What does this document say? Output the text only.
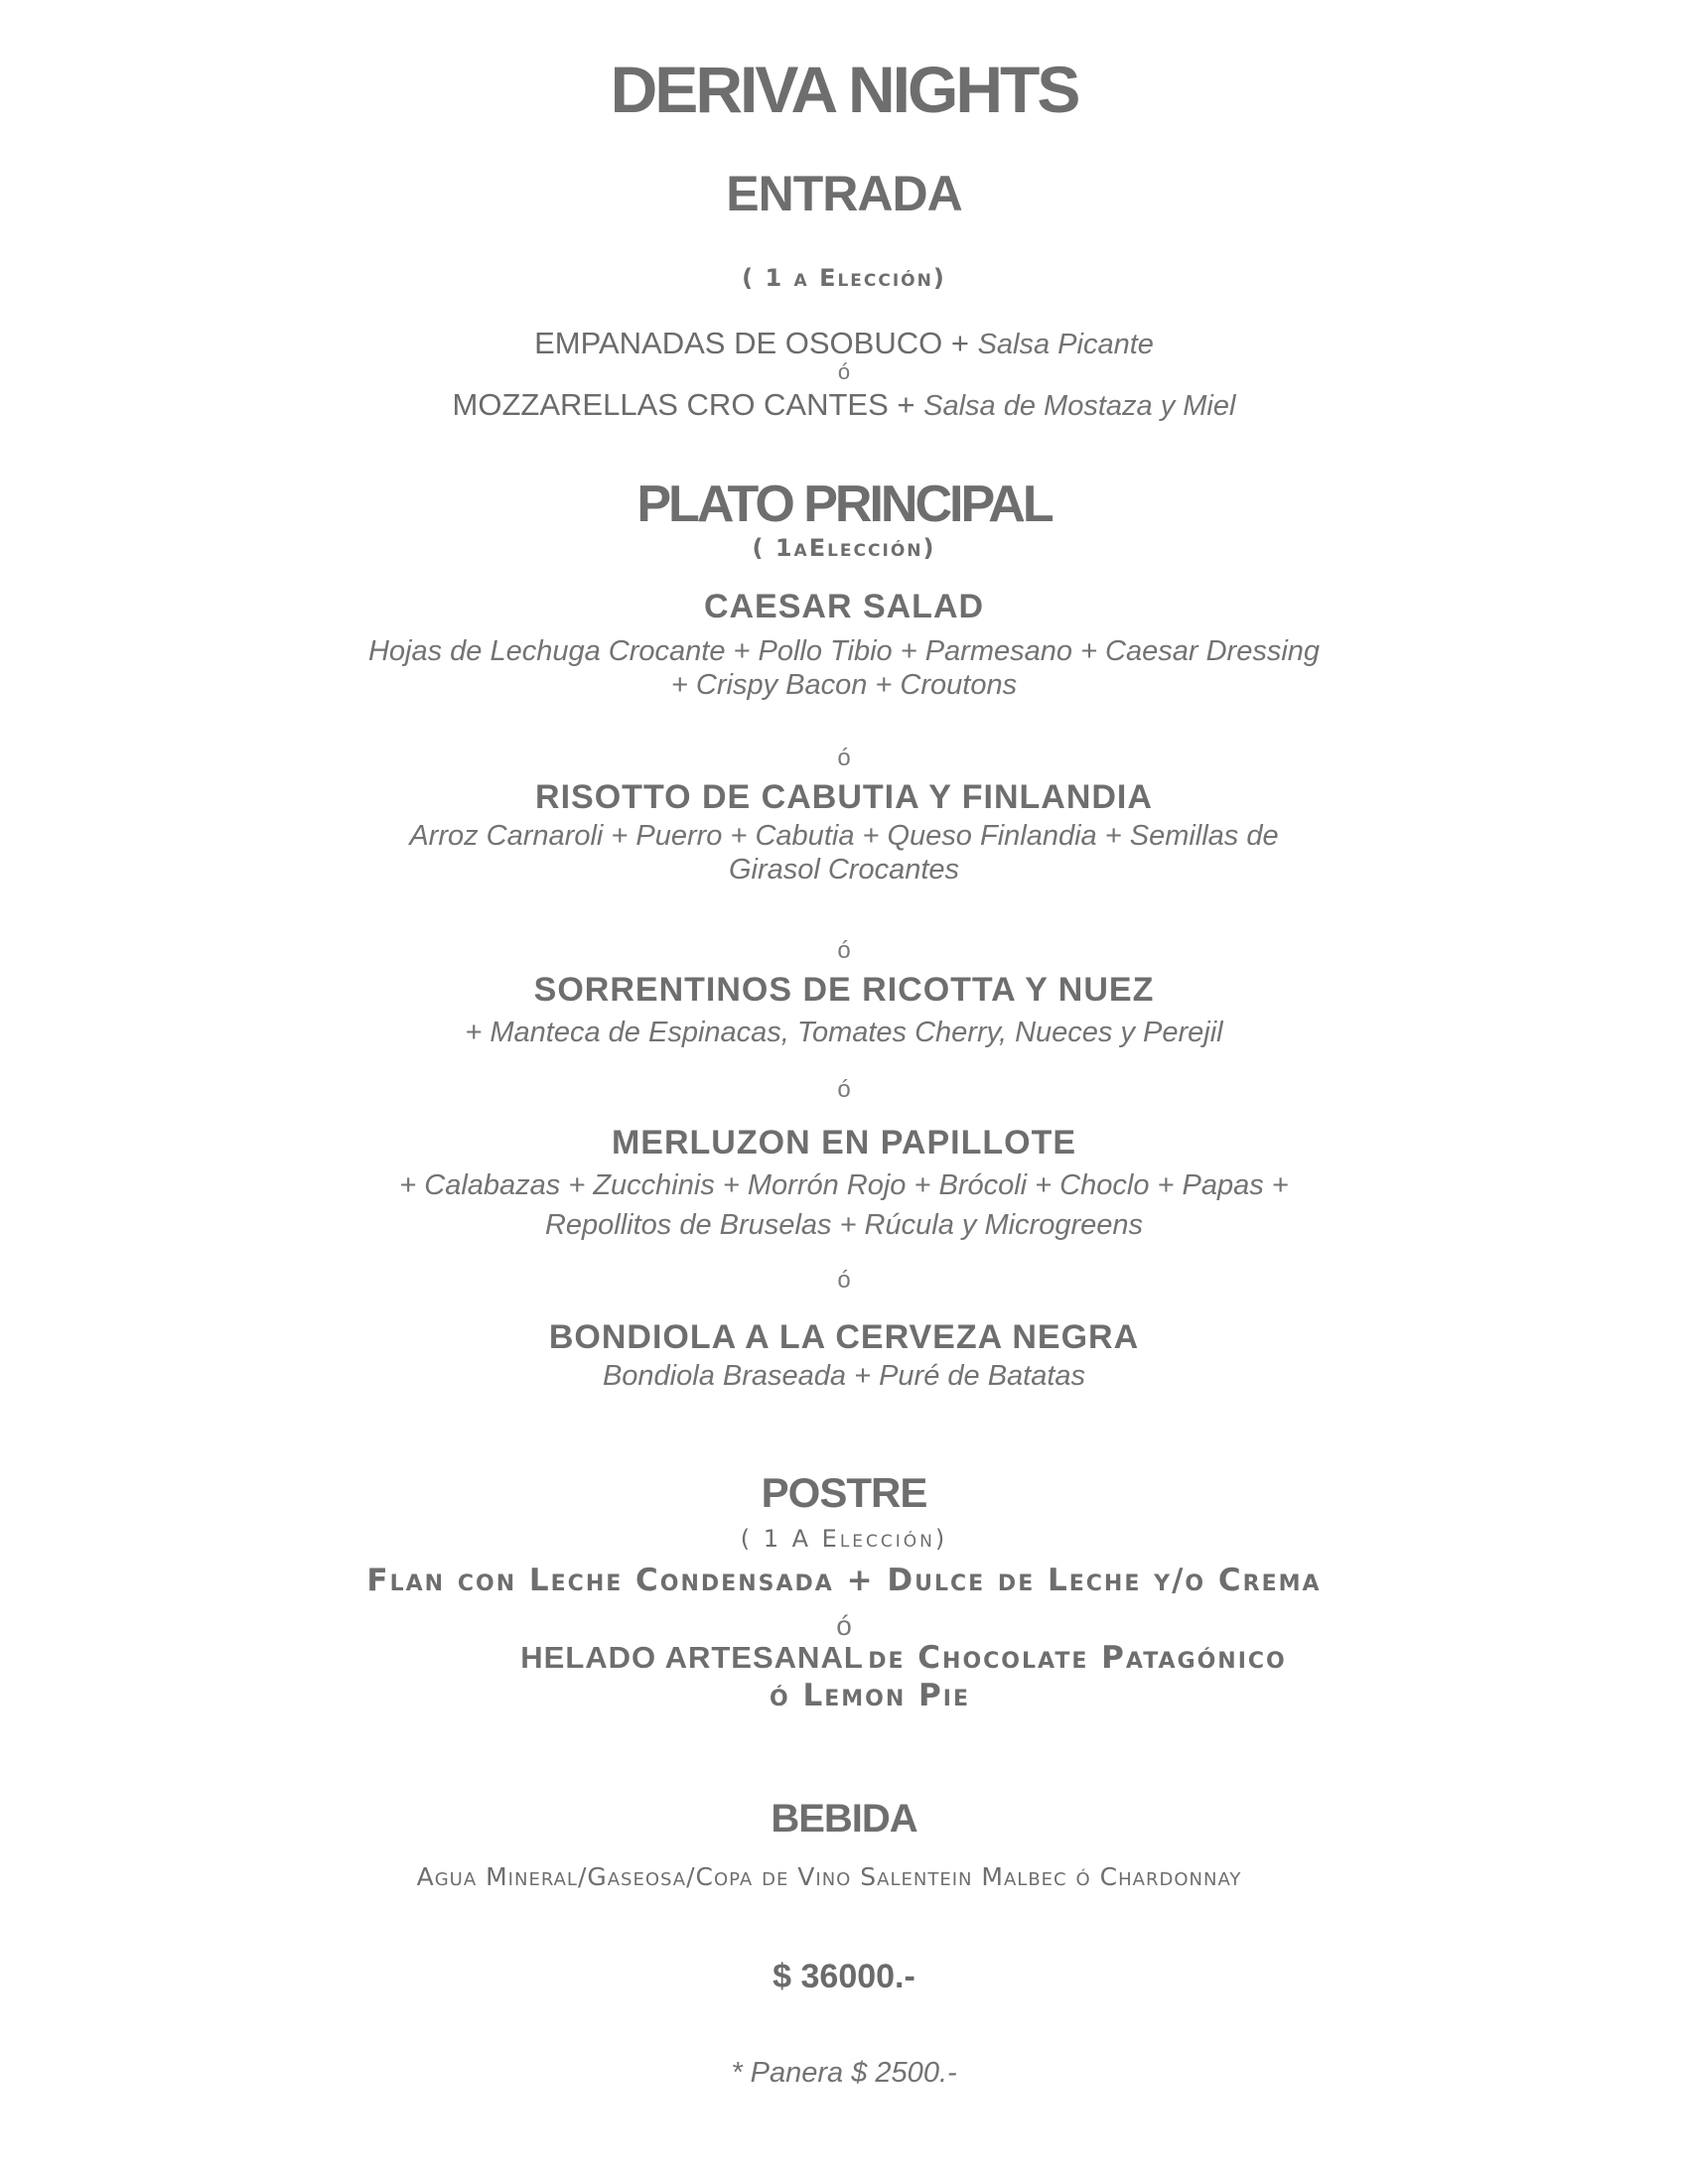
DERIVA NIGHTS
ENTRADA
( 1 a Elección)
EMPANADAS DE OSOBUCO + Salsa Picante
ó
MOZZARELLAS CRO CANTES + Salsa de Mostaza y Miel
PLATO PRINCIPAL
( 1aElección)
CAESAR SALAD
Hojas de Lechuga Crocante + Pollo Tibio + Parmesano + Caesar Dressing
+ Crispy Bacon + Croutons
ó
RISOTTO DE CABUTIA Y FINLANDIA
Arroz Carnaroli + Puerro + Cabutia + Queso Finlandia + Semillas de
Girasol Crocantes
ó
SORRENTINOS DE RICOTTA Y NUEZ
+ Manteca de Espinacas, Tomates Cherry, Nueces y Perejil
ó
MERLUZON EN PAPILLOTE
+ Calabazas + Zucchinis + Morrón Rojo + Brócoli + Choclo + Papas +
Repollitos de Bruselas + Rúcula y Microgreens
ó
BONDIOLA A LA CERVEZA NEGRA
Bondiola Braseada + Puré de Batatas
POSTRE
( 1 A Elección)
Flan con Leche Condensada + Dulce de Leche y/o Crema
ó
HELADO ARTESANAL de Chocolate Patagónico
ó Lemon Pie
BEBIDA
Agua Mineral/Gaseosa/Copa de Vino Salentein Malbec ó Chardonnay
$ 36000.-
* Panera $ 2500.-
